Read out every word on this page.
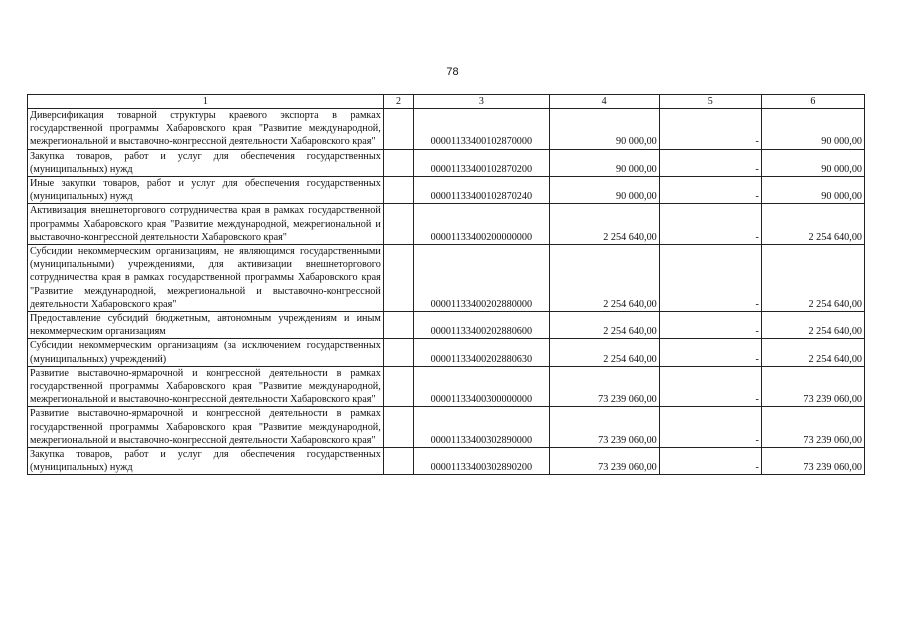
78
1	2	3	4	5	6
Диверсификация товарной структуры краевого экспорта в рамках государственной программы Хабаровского края "Развитие международной, межрегиональной и выставочно-конгрессной деятельности Хабаровского края"		00001133400102870000	90 000,00	-	90 000,00
Закупка товаров, работ и услуг для обеспечения государственных (муниципальных) нужд		00001133400102870200	90 000,00	-	90 000,00
Иные закупки товаров, работ и услуг для обеспечения государственных (муниципальных) нужд		00001133400102870240	90 000,00	-	90 000,00
Активизация внешнеторгового сотрудничества края в рамках государственной программы Хабаровского края "Развитие международной, межрегиональной и выставочно-конгрессной деятельности Хабаровского края"		00001133400200000000	2 254 640,00	-	2 254 640,00
Субсидии некоммерческим организациям, не являющимся государственными (муниципальными) учреждениями, для активизации внешнеторгового сотрудничества края в рамках государственной программы Хабаровского края "Развитие международной, межрегиональной и выставочно-конгрессной деятельности Хабаровского края"		00001133400202880000	2 254 640,00	-	2 254 640,00
Предоставление субсидий бюджетным, автономным учреждениям и иным некоммерческим организациям		00001133400202880600	2 254 640,00	-	2 254 640,00
Субсидии некоммерческим организациям (за исключением государственных (муниципальных) учреждений)		00001133400202880630	2 254 640,00	-	2 254 640,00
Развитие выставочно-ярмарочной и конгрессной деятельности в рамках государственной программы Хабаровского края "Развитие международной, межрегиональной и выставочно-конгрессной деятельности Хабаровского края"		00001133400300000000	73 239 060,00	-	73 239 060,00
Развитие выставочно-ярмарочной и конгрессной деятельности в рамках государственной программы Хабаровского края "Развитие международной, межрегиональной и выставочно-конгрессной деятельности Хабаровского края"		00001133400302890000	73 239 060,00	-	73 239 060,00
Закупка товаров, работ и услуг для обеспечения государственных (муниципальных) нужд		00001133400302890200	73 239 060,00	-	73 239 060,00
